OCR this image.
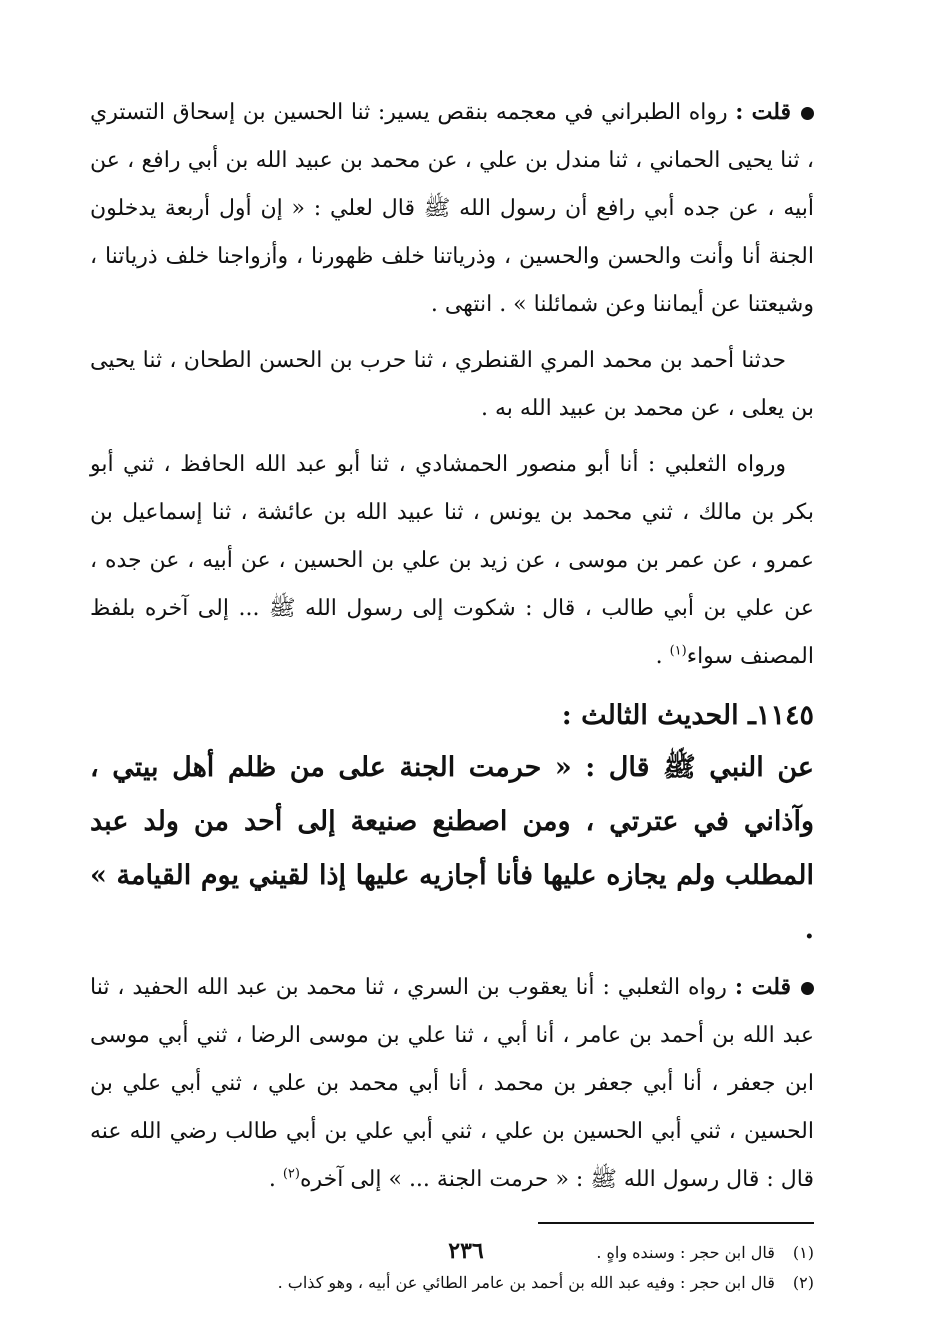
قلت : رواه الطبراني في معجمه بنقص يسير: ثنا الحسين بن إسحاق التستري ، ثنا يحيى الحماني ، ثنا مندل بن علي ، عن محمد بن عبيد الله بن أبي رافع ، عن أبيه ، عن جده أبي رافع أن رسول الله ﷺ قال لعلي : « إن أول أربعة يدخلون الجنة أنا وأنت والحسن والحسين ، وذرياتنا خلف ظهورنا ، وأزواجنا خلف ذرياتنا ، وشيعتنا عن أيماننا وعن شمائلنا » . انتهى .

حدثنا أحمد بن محمد المري القنطري ، ثنا حرب بن الحسن الطحان ، ثنا يحيى بن يعلى ، عن محمد بن عبيد الله به .

ورواه الثعلبي : أنا أبو منصور الحمشادي ، ثنا أبو عبد الله الحافظ ، ثني أبو بكر بن مالك ، ثني محمد بن يونس ، ثنا عبيد الله بن عائشة ، ثنا إسماعيل بن عمرو ، عن عمر بن موسى ، عن زيد بن علي بن الحسين ، عن أبيه ، عن جده ، عن علي بن أبي طالب ، قال : شكوت إلى رسول الله ﷺ ... إلى آخره بلفظ المصنف سواء$^{(١)}$ .

١١٤٥ـ الحديث الثالث :

عن النبي ﷺ قال : « حرمت الجنة على من ظلم أهل بيتي ، وآذاني في عترتي ، ومن اصطنع صنيعة إلى أحد من ولد عبد المطلب ولم يجازه عليها فأنا أجازيه عليها إذا لقيني يوم القيامة » .

قلت : رواه الثعلبي : أنا يعقوب بن السري ، ثنا محمد بن عبد الله الحفيد ، ثنا عبد الله بن أحمد بن عامر ، أنا أبي ، ثنا علي بن موسى الرضا ، ثني أبي موسى ابن جعفر ، أنا أبي جعفر بن محمد ، أنا أبي محمد بن علي ، ثني أبي علي بن الحسين ، ثني أبي الحسين بن علي ، ثني أبي علي بن أبي طالب رضي الله عنه قال : قال رسول الله ﷺ : « حرمت الجنة ... » إلى آخره$^{(٢)}$ .

(١)قال ابن حجر : وسنده واهٍ .

(٢)قال ابن حجر : وفيه عبد الله بن أحمد بن عامر الطائي عن أبيه ، وهو كذاب .

٢٣٦
